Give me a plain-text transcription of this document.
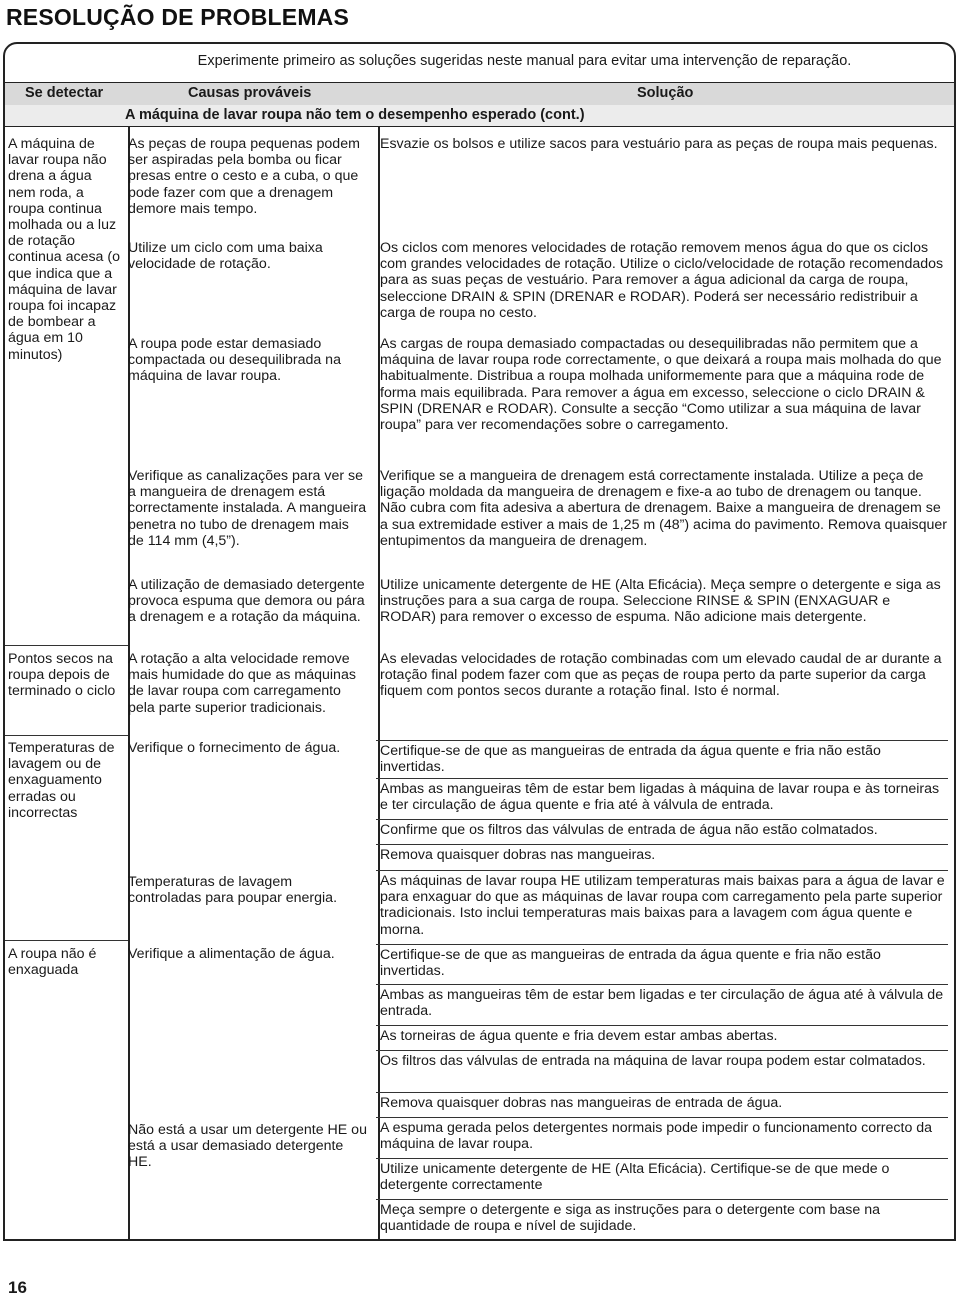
RESOLUÇÃO DE PROBLEMAS
Experimente primeiro as soluções sugeridas neste manual para evitar uma intervenção de reparação.
Se detectar	Causas prováveis	Solução
A máquina de lavar roupa não tem o desempenho esperado (cont.)
A máquina de lavar roupa não drena a água nem roda, a roupa continua molhada ou a luz de rotação continua acesa (o que indica que a máquina de lavar roupa foi incapaz de bombear a água em 10 minutos)
Pontos secos na roupa depois de terminado o ciclo
Temperaturas de lavagem ou de enxaguamento erradas ou incorrectas
A roupa não é enxaguada
As peças de roupa pequenas podem ser aspiradas pela bomba ou ficar presas entre o cesto e a cuba, o que pode fazer com que a drenagem demore mais tempo.
Utilize um ciclo com uma baixa velocidade de rotação.
A roupa pode estar demasiado compactada ou desequilibrada na máquina de lavar roupa.
Verifique as canalizações para ver se a mangueira de drenagem está correctamente instalada. A mangueira penetra no tubo de drenagem mais de 114 mm (4,5”).
A utilização de demasiado detergente provoca espuma que demora ou pára a drenagem e a rotação da máquina.
A rotação a alta velocidade remove mais humidade do que as máquinas de lavar roupa com carregamento pela parte superior tradicionais.
Verifique o fornecimento de água.
Temperaturas de lavagem controladas para poupar energia.
Verifique a alimentação de água.
Não está a usar um detergente HE ou está a usar demasiado detergente HE.
Esvazie os bolsos e utilize sacos para vestuário para as peças de roupa mais pequenas.
Os ciclos com menores velocidades de rotação removem menos água do que os ciclos com grandes velocidades de rotação. Utilize o ciclo/velocidade de rotação recomendados para as suas peças de vestuário. Para remover a água adicional da carga de roupa, seleccione DRAIN & SPIN (DRENAR e RODAR). Poderá ser necessário redistribuir a carga de roupa no cesto.
As cargas de roupa demasiado compactadas ou desequilibradas não permitem que a máquina de lavar roupa rode correctamente, o que deixará a roupa mais molhada do que habitualmente. Distribua a roupa molhada uniformemente para que a máquina rode de forma mais equilibrada. Para remover a água em excesso, seleccione o ciclo DRAIN & SPIN (DRENAR e RODAR). Consulte a secção “Como utilizar a sua máquina de lavar roupa” para ver recomendações sobre o carregamento.
Verifique se a mangueira de drenagem está correctamente instalada. Utilize a peça de ligação moldada da mangueira de drenagem e fixe-a ao tubo de drenagem ou tanque. Não cubra com fita adesiva a abertura de drenagem. Baixe a mangueira de drenagem se a sua extremidade estiver a mais de 1,25 m (48”) acima do pavimento. Remova quaisquer entupimentos da mangueira de drenagem.
Utilize unicamente detergente de HE (Alta Eficácia). Meça sempre o detergente e siga as instruções para a sua carga de roupa. Seleccione RINSE & SPIN (ENXAGUAR e RODAR) para remover o excesso de espuma. Não adicione mais detergente.
As elevadas velocidades de rotação combinadas com um elevado caudal de ar durante a rotação final podem fazer com que as peças de roupa perto da parte superior da carga fiquem com pontos secos durante a rotação final. Isto é normal.
Certifique-se de que as mangueiras de entrada da água quente e fria não estão invertidas.
Ambas as mangueiras têm de estar bem ligadas à máquina de lavar roupa e às torneiras e ter circulação de água quente e fria até à válvula de entrada.
Confirme que os filtros das válvulas de entrada de água não estão colmatados.
Remova quaisquer dobras nas mangueiras.
As máquinas de lavar roupa HE utilizam temperaturas mais baixas para a água de lavar e para enxaguar do que as máquinas de lavar roupa com carregamento pela parte superior tradicionais. Isto inclui temperaturas mais baixas para a lavagem com água quente e morna.
Certifique-se de que as mangueiras de entrada da água quente e fria não estão invertidas.
Ambas as mangueiras têm de estar bem ligadas e ter circulação de água até à válvula de entrada.
As torneiras de água quente e fria devem estar ambas abertas.
Os filtros das válvulas de entrada na máquina de lavar roupa podem estar colmatados.
Remova quaisquer dobras nas mangueiras de entrada de água.
A espuma gerada pelos detergentes normais pode impedir o funcionamento correcto da máquina de lavar roupa.
Utilize unicamente detergente de HE (Alta Eficácia). Certifique-se de que mede o detergente correctamente
Meça sempre o detergente e siga as instruções para o detergente com base na quantidade de roupa e nível de sujidade.
16
